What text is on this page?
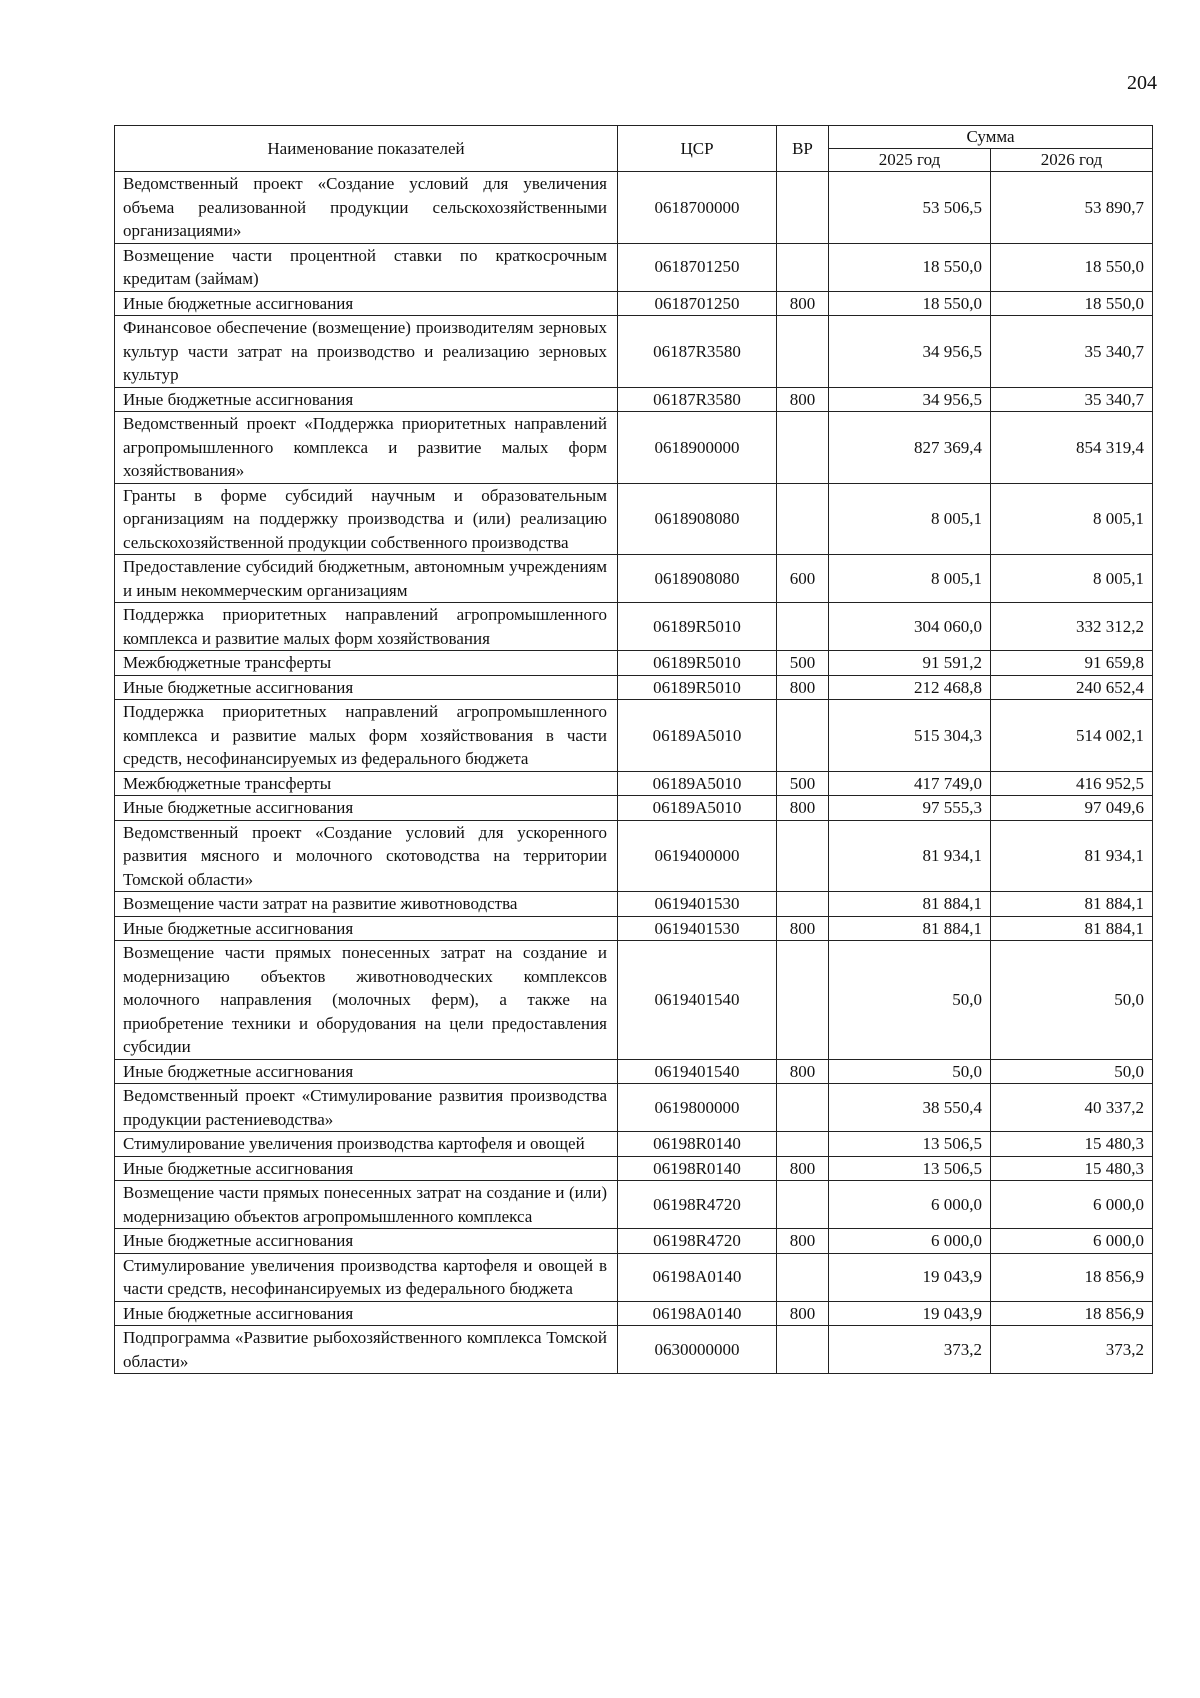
204
Наименование показателей	ЦСР	ВР	Сумма	
			2025 год	2026 год
Ведомственный проект «Создание условий для увеличения объема реализованной продукции сельскохозяйственными организациями»	0618700000		53 506,5	53 890,7
Возмещение части процентной ставки по краткосрочным кредитам (займам)	0618701250		18 550,0	18 550,0
Иные бюджетные ассигнования	0618701250	800	18 550,0	18 550,0
Финансовое обеспечение (возмещение) производителям зерновых культур части затрат на производство и реализацию зерновых культур	06187R3580		34 956,5	35 340,7
Иные бюджетные ассигнования	06187R3580	800	34 956,5	35 340,7
Ведомственный проект «Поддержка приоритетных направлений агропромышленного комплекса и развитие малых форм хозяйствования»	0618900000		827 369,4	854 319,4
Гранты в форме субсидий научным и образовательным организациям на поддержку производства и (или) реализацию сельскохозяйственной продукции собственного производства	0618908080		8 005,1	8 005,1
Предоставление субсидий бюджетным, автономным учреждениям и иным некоммерческим организациям	0618908080	600	8 005,1	8 005,1
Поддержка приоритетных направлений агропромышленного комплекса и развитие малых форм хозяйствования	06189R5010		304 060,0	332 312,2
Межбюджетные трансферты	06189R5010	500	91 591,2	91 659,8
Иные бюджетные ассигнования	06189R5010	800	212 468,8	240 652,4
Поддержка приоритетных направлений агропромышленного комплекса и развитие малых форм хозяйствования в части средств, несофинансируемых из федерального бюджета	06189A5010		515 304,3	514 002,1
Межбюджетные трансферты	06189A5010	500	417 749,0	416 952,5
Иные бюджетные ассигнования	06189A5010	800	97 555,3	97 049,6
Ведомственный проект «Создание условий для ускоренного развития мясного и молочного скотоводства на территории Томской области»	0619400000		81 934,1	81 934,1
Возмещение части затрат на развитие животноводства	0619401530		81 884,1	81 884,1
Иные бюджетные ассигнования	0619401530	800	81 884,1	81 884,1
Возмещение части прямых понесенных затрат на создание и модернизацию объектов животноводческих комплексов молочного направления (молочных ферм), а также на приобретение техники и оборудования на цели предоставления субсидии	0619401540		50,0	50,0
Иные бюджетные ассигнования	0619401540	800	50,0	50,0
Ведомственный проект «Стимулирование развития производства продукции растениеводства»	0619800000		38 550,4	40 337,2
Стимулирование увеличения производства картофеля и овощей	06198R0140		13 506,5	15 480,3
Иные бюджетные ассигнования	06198R0140	800	13 506,5	15 480,3
Возмещение части прямых понесенных затрат на создание и (или) модернизацию объектов агропромышленного комплекса	06198R4720		6 000,0	6 000,0
Иные бюджетные ассигнования	06198R4720	800	6 000,0	6 000,0
Стимулирование увеличения производства картофеля и овощей в части средств, несофинансируемых из федерального бюджета	06198A0140		19 043,9	18 856,9
Иные бюджетные ассигнования	06198A0140	800	19 043,9	18 856,9
Подпрограмма «Развитие рыбохозяйственного комплекса Томской области»	0630000000		373,2	373,2
